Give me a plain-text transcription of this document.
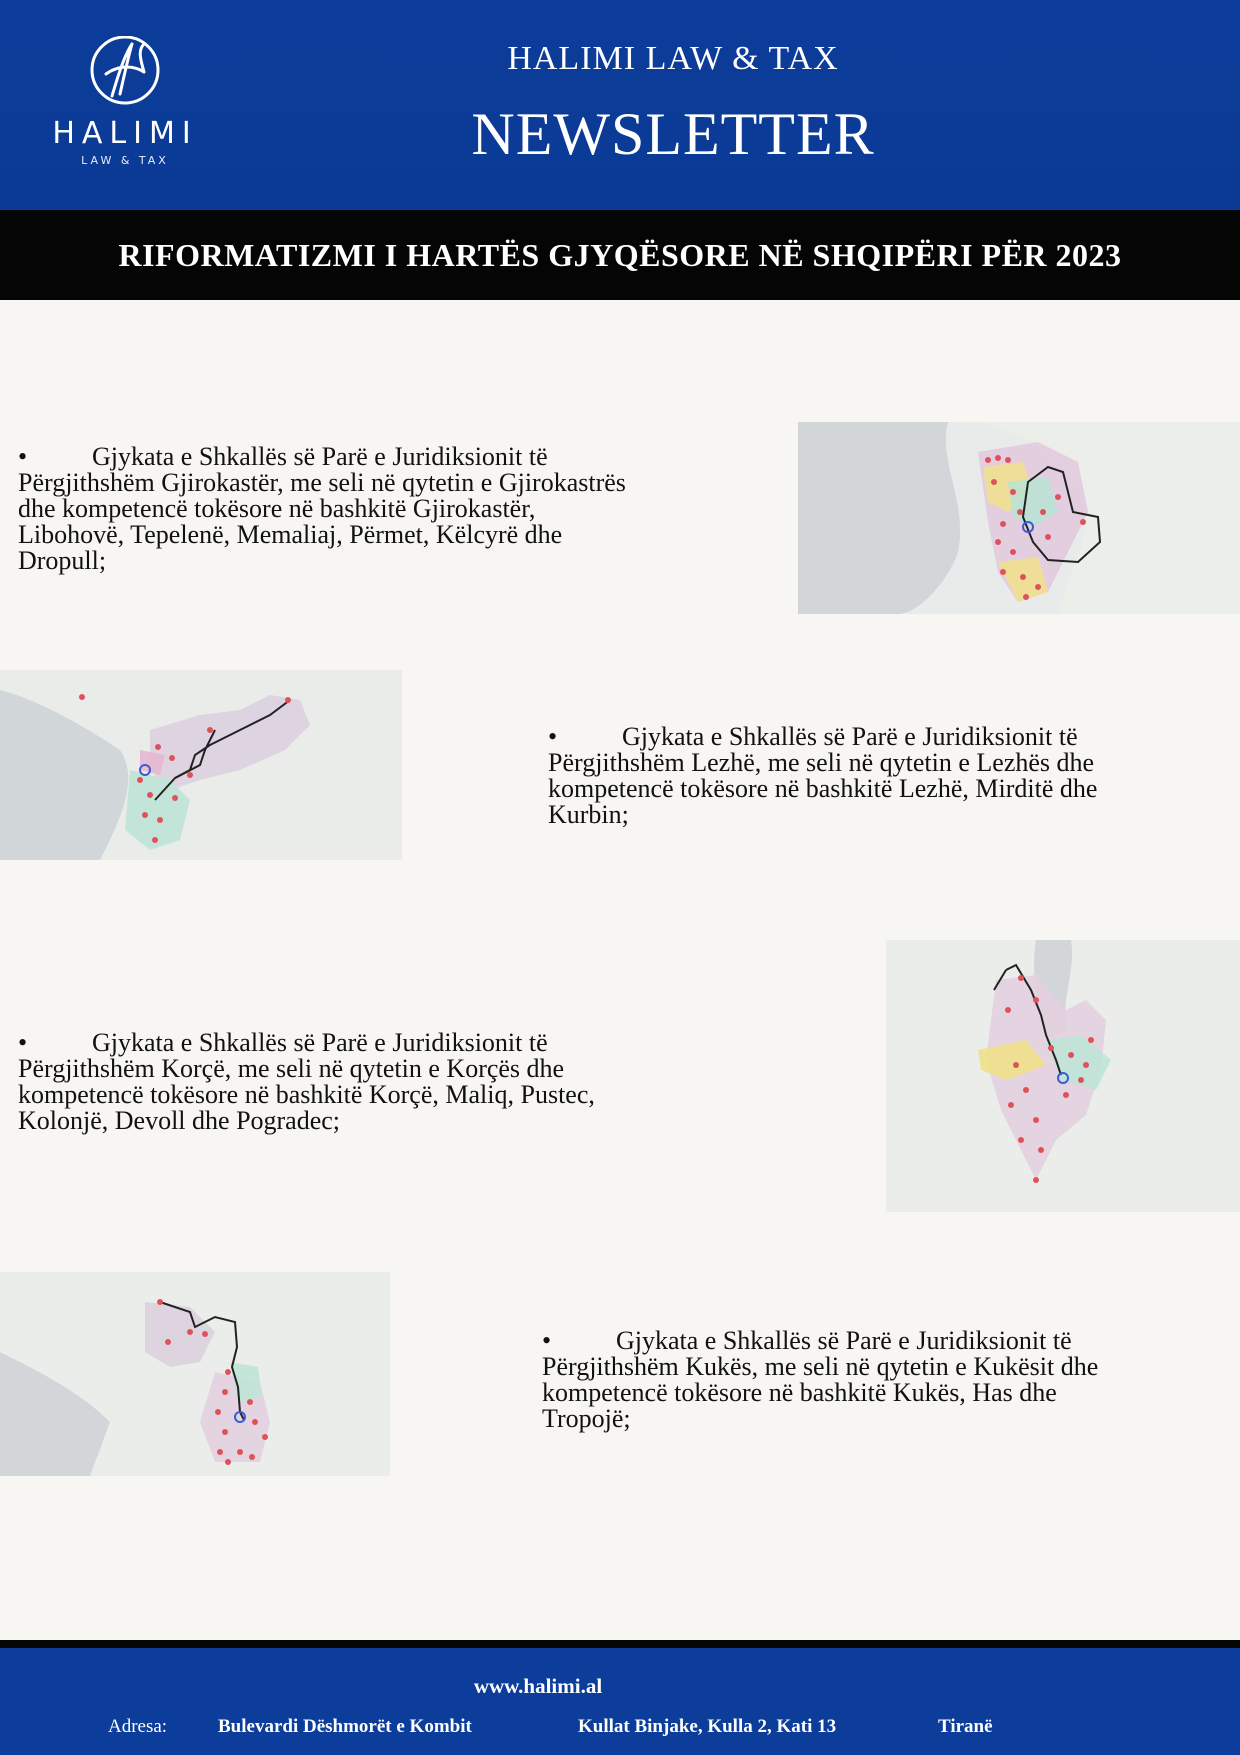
HALIMI
LAW & TAX
HALIMI LAW & TAX
NEWSLETTER
RIFORMATIZMI I HARTËS GJYQËSORE NË SHQIPËRI PËR 2023
• Gjykata e Shkallës së Parë e Juridiksionit të
Përgjithshëm Gjirokastër, me seli në qytetin e Gjirokastrës
dhe kompetencë tokësore në bashkitë Gjirokastër,
Libohovë, Tepelenë, Memaliaj, Përmet, Këlcyrë dhe
Dropull;
• Gjykata e Shkallës së Parë e Juridiksionit të
Përgjithshëm Lezhë, me seli në qytetin e Lezhës dhe
kompetencë tokësore në bashkitë Lezhë, Mirditë dhe
Kurbin;
• Gjykata e Shkallës së Parë e Juridiksionit të
Përgjithshëm Korçë, me seli në qytetin e Korçës dhe
kompetencë tokësore në bashkitë Korçë, Maliq, Pustec,
Kolonjë, Devoll dhe Pogradec;
• Gjykata e Shkallës së Parë e Juridiksionit të
Përgjithshëm Kukës, me seli në qytetin e Kukësit dhe
kompetencë tokësore në bashkitë Kukës, Has dhe
Tropojë;
www.halimi.al
Adresa:	Bulevardi Dëshmorët e Kombit	Kullat Binjake, Kulla 2, Kati 13	Tiranë
